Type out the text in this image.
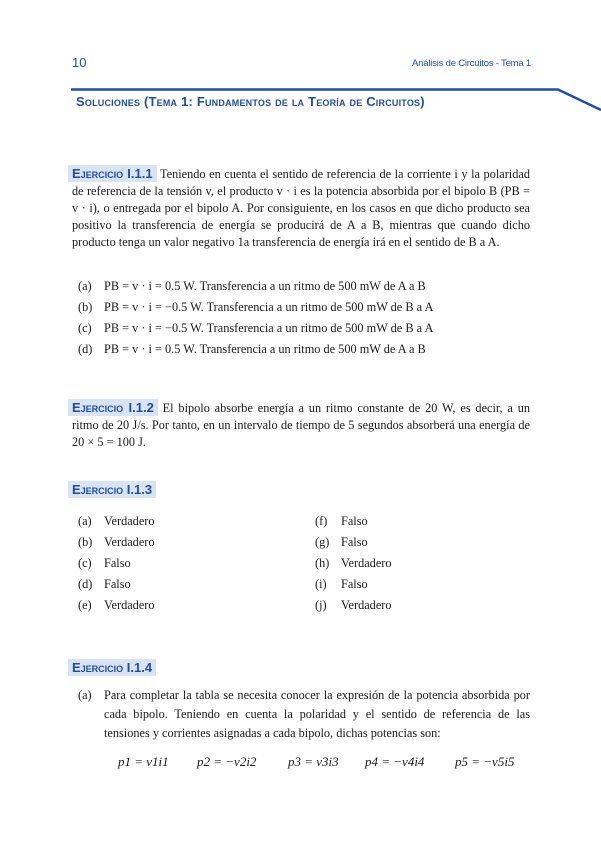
10	Análisis de Circuitos - Tema 1
Soluciones (Tema 1: Fundamentos de la Teoría de Circuitos)
Ejercicio I.1.1 Teniendo en cuenta el sentido de referencia de la corriente i y la polaridad de referencia de la tensión v, el producto v · i es la potencia absorbida por el bipolo B (PB = v · i), o entregada por el bipolo A. Por consiguiente, en los casos en que dicho producto sea positivo la transferencia de energía se producirá de A a B, mientras que cuando dicho producto tenga un valor negativo 1a transferencia de energía irá en el sentido de B a A.
(a) PB = v · i = 0.5 W. Transferencia a un ritmo de 500 mW de A a B
(b) PB = v · i = −0.5 W. Transferencia a un ritmo de 500 mW de B a A
(c) PB = v · i = −0.5 W. Transferencia a un ritmo de 500 mW de B a A
(d) PB = v · i = 0.5 W. Transferencia a un ritmo de 500 mW de A a B
Ejercicio I.1.2 El bipolo absorbe energía a un ritmo constante de 20 W, es decir, a un ritmo de 20 J/s. Por tanto, en un intervalo de tiempo de 5 segundos absorberá una energía de 20 × 5 = 100 J.
Ejercicio I.1.3
(a) Verdadero
(b) Verdadero
(c) Falso
(d) Falso
(e) Verdadero
(f) Falso
(g) Falso
(h) Verdadero
(i) Falso
(j) Verdadero
Ejercicio I.1.4
(a)	Para completar la tabla se necesita conocer la expresión de la potencia absorbida por cada bipolo. Teniendo en cuenta la polaridad y el sentido de referencia de las tensiones y corrientes asignadas a cada bipolo, dichas potencias son:
p1 = v1i1 p2 = −v2i2 p3 = v3i3 p4 = −v4i4 p5 = −v5i5
